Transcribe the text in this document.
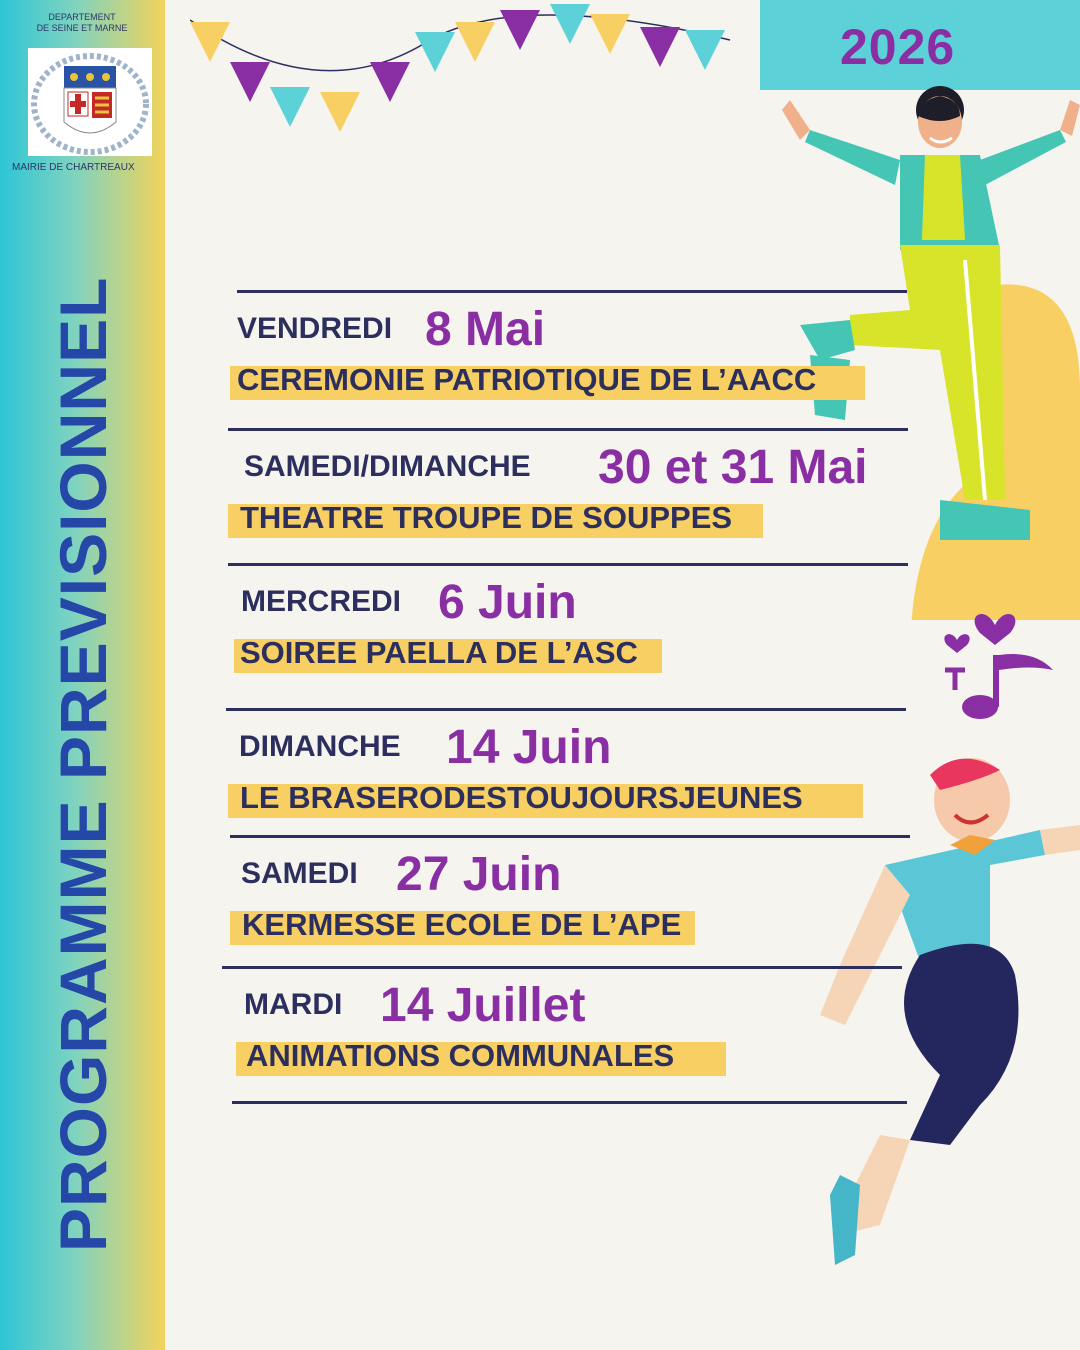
DEPARTEMENT
DE SEINE ET MARNE
MAIRIE DE CHARTREAUX
PROGRAMME PREVISIONNEL
2026
VENDREDI 8 Mai
CEREMONIE PATRIOTIQUE DE L’AACC
SAMEDI/DIMANCHE 30 et 31 Mai
THEATRE TROUPE DE SOUPPES
MERCREDI 6 Juin
SOIREE PAELLA DE L’ASC
DIMANCHE 14 Juin
LE BRASERODESTOUJOURSJEUNES
SAMEDI 27 Juin
KERMESSE ECOLE DE L’APE
MARDI 14 Juillet
ANIMATIONS COMMUNALES
